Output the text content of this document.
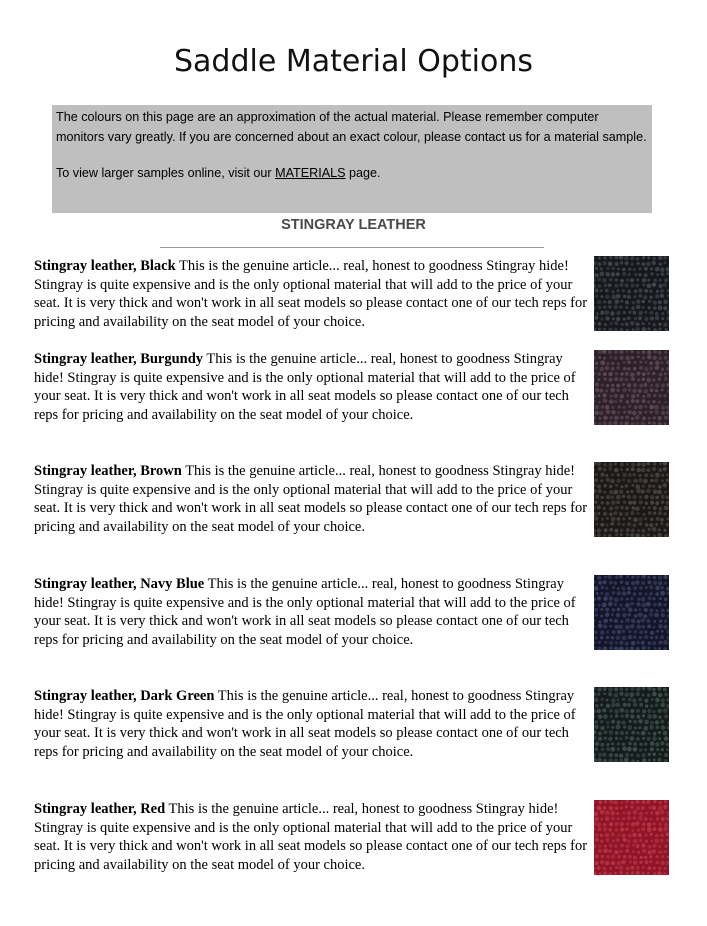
Saddle Material Options

The colours on this page are an approximation of the actual material. Please remember computer monitors vary greatly. If you are concerned about an exact colour, please contact us for a material sample.

To view larger samples online, visit our MATERIALS page.

STINGRAY LEATHER
Stingray leather, Black This is the genuine article... real, honest to goodness Stingray hide! Stingray is quite expensive and is the only optional material that will add to the price of your seat. It is very thick and won't work in all seat models so please contact one of our tech reps for pricing and availability on the seat model of your choice.
Stingray leather, Burgundy This is the genuine article... real, honest to goodness Stingray hide! Stingray is quite expensive and is the only optional material that will add to the price of your seat. It is very thick and won't work in all seat models so please contact one of our tech reps for pricing and availability on the seat model of your choice.
Stingray leather, Brown This is the genuine article... real, honest to goodness Stingray hide! Stingray is quite expensive and is the only optional material that will add to the price of your seat. It is very thick and won't work in all seat models so please contact one of our tech reps for pricing and availability on the seat model of your choice.
Stingray leather, Navy Blue This is the genuine article... real, honest to goodness Stingray hide! Stingray is quite expensive and is the only optional material that will add to the price of your seat. It is very thick and won't work in all seat models so please contact one of our tech reps for pricing and availability on the seat model of your choice.
Stingray leather, Dark Green This is the genuine article... real, honest to goodness Stingray hide! Stingray is quite expensive and is the only optional material that will add to the price of your seat. It is very thick and won't work in all seat models so please contact one of our tech reps for pricing and availability on the seat model of your choice.
Stingray leather, Red This is the genuine article... real, honest to goodness Stingray hide! Stingray is quite expensive and is the only optional material that will add to the price of your seat. It is very thick and won't work in all seat models so please contact one of our tech reps for pricing and availability on the seat model of your choice.
